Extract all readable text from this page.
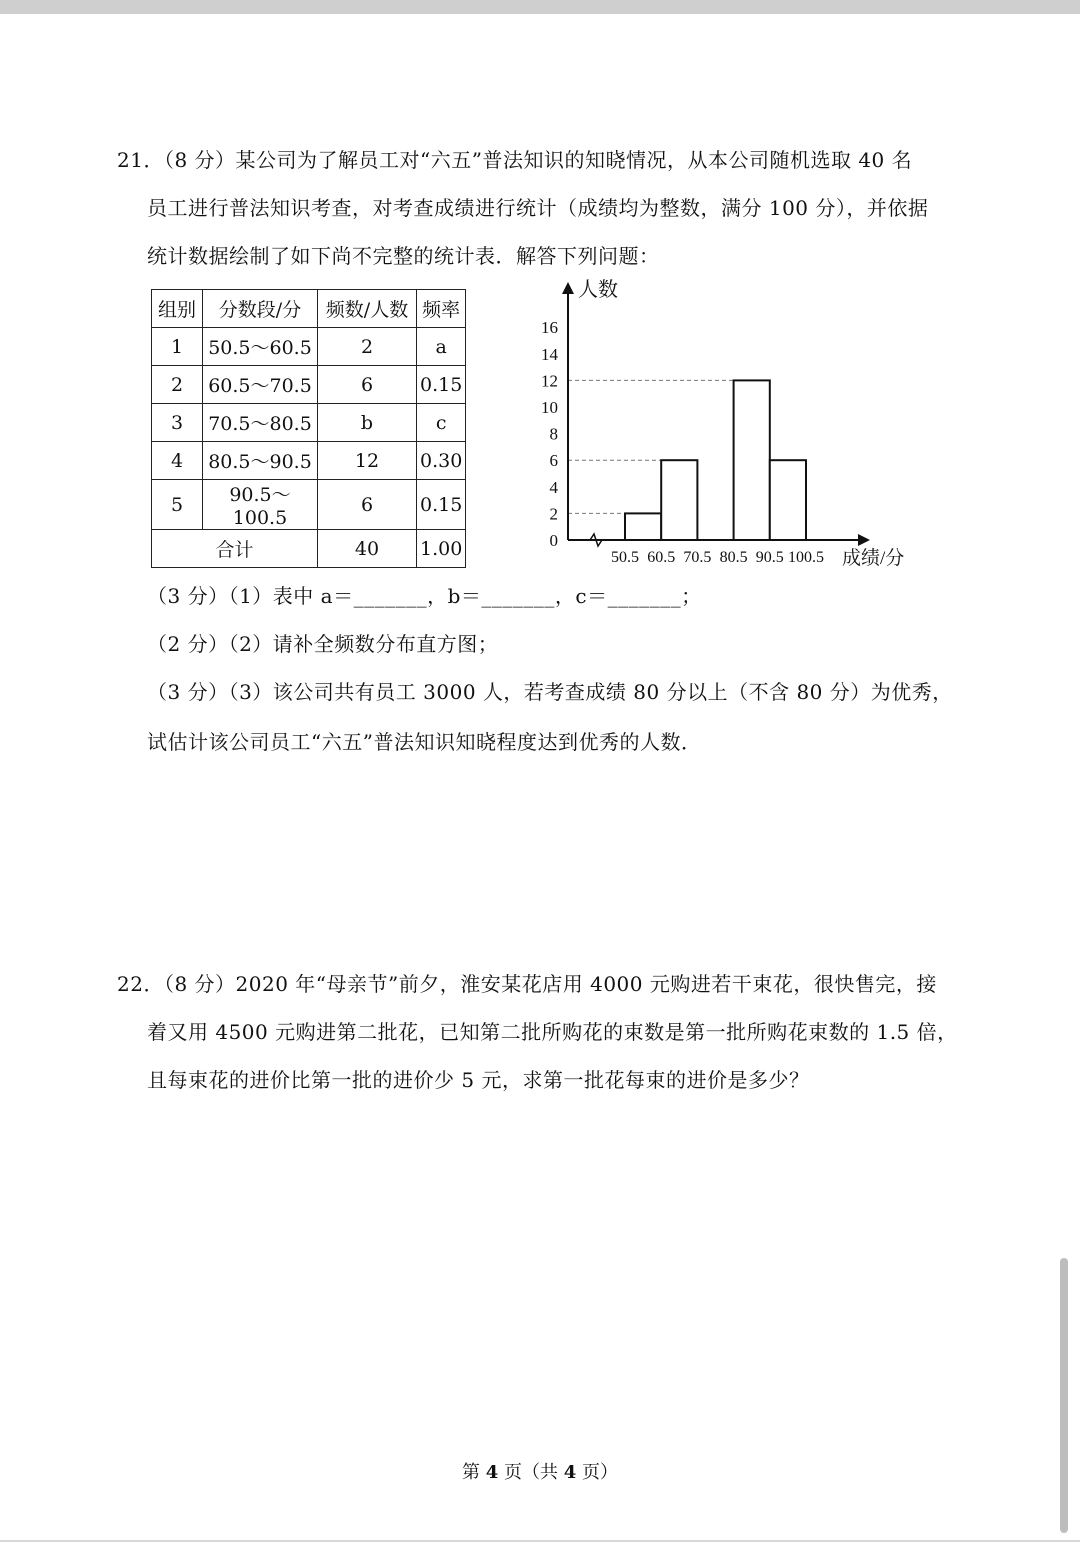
21．（8 分）某公司为了解员工对“六五”普法知识的知晓情况，从本公司随机选取 40 名
员工进行普法知识考查，对考查成绩进行统计（成绩均为整数，满分 100 分），并依据
统计数据绘制了如下尚不完整的统计表．解答下列问题：
组别	分数段/分	频数/人数	频率
1	50.5～60.5	2	a
2	60.5～70.5	6	0.15
3	70.5～80.5	b	c
4	80.5～90.5	12	0.30
5	90.5～100.5	6	0.15
合计		40	1.00	0
2
4
6
8
10
12
14
16
50.5 60.5 70.5 80.5 90.5 100.5
人数
成绩/分
（3 分）（1）表中 a＝_______，b＝_______，c＝_______；
（2 分）（2）请补全频数分布直方图；
（3 分）（3）该公司共有员工 3000 人，若考查成绩 80 分以上（不含 80 分）为优秀，
试估计该公司员工“六五”普法知识知晓程度达到优秀的人数．
22．（8 分）2020 年“母亲节”前夕，淮安某花店用 4000 元购进若干束花，很快售完，接
着又用 4500 元购进第二批花，已知第二批所购花的束数是第一批所购花束数的 1.5 倍，
且每束花的进价比第一批的进价少 5 元，求第一批花每束的进价是多少？
第 4 页（共 4 页）
